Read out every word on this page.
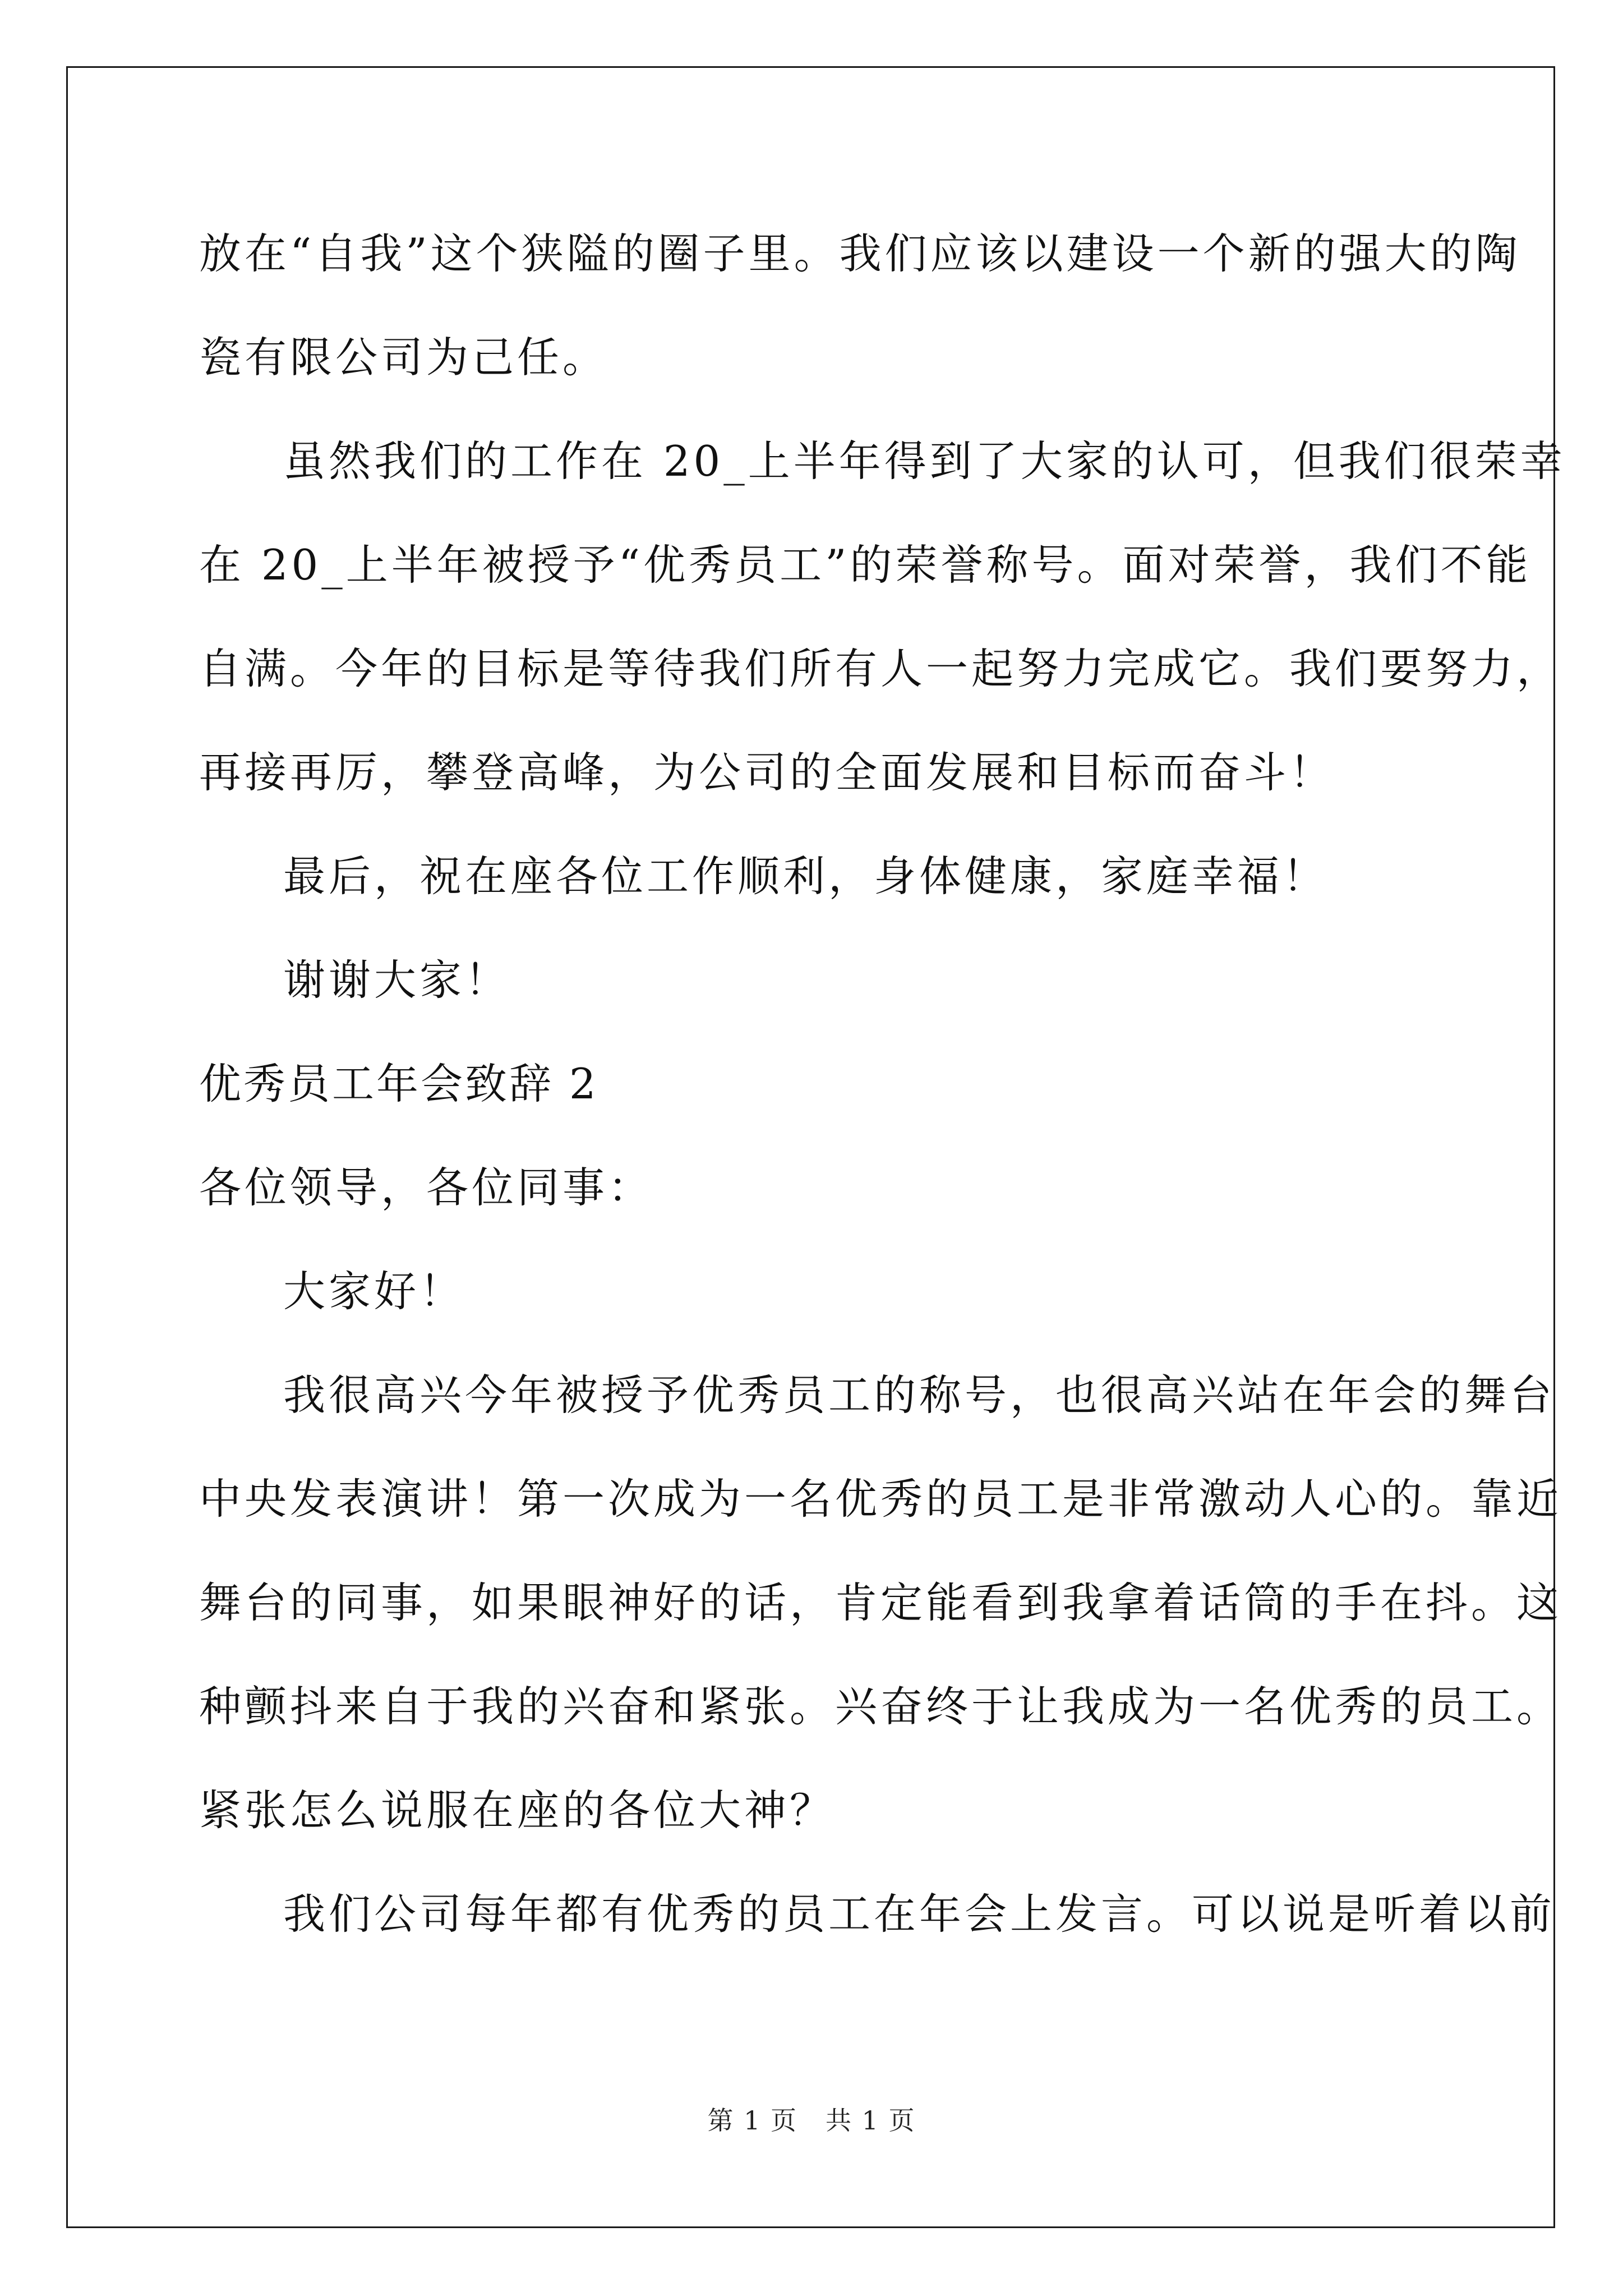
放在“自我”这个狭隘的圈子里。我们应该以建设一个新的强大的陶
瓷有限公司为己任。
虽然我们的工作在 20_上半年得到了大家的认可，但我们很荣幸
在 20_上半年被授予“优秀员工”的荣誉称号。面对荣誉，我们不能
自满。今年的目标是等待我们所有人一起努力完成它。我们要努力，
再接再厉，攀登高峰，为公司的全面发展和目标而奋斗！
最后，祝在座各位工作顺利，身体健康，家庭幸福！
谢谢大家！
优秀员工年会致辞 2
各位领导，各位同事：
大家好！
我很高兴今年被授予优秀员工的称号，也很高兴站在年会的舞台
中央发表演讲！第一次成为一名优秀的员工是非常激动人心的。靠近
舞台的同事，如果眼神好的话，肯定能看到我拿着话筒的手在抖。这
种颤抖来自于我的兴奋和紧张。兴奋终于让我成为一名优秀的员工。
紧张怎么说服在座的各位大神？
我们公司每年都有优秀的员工在年会上发言。可以说是听着以前
第 1 页 共 1 页
